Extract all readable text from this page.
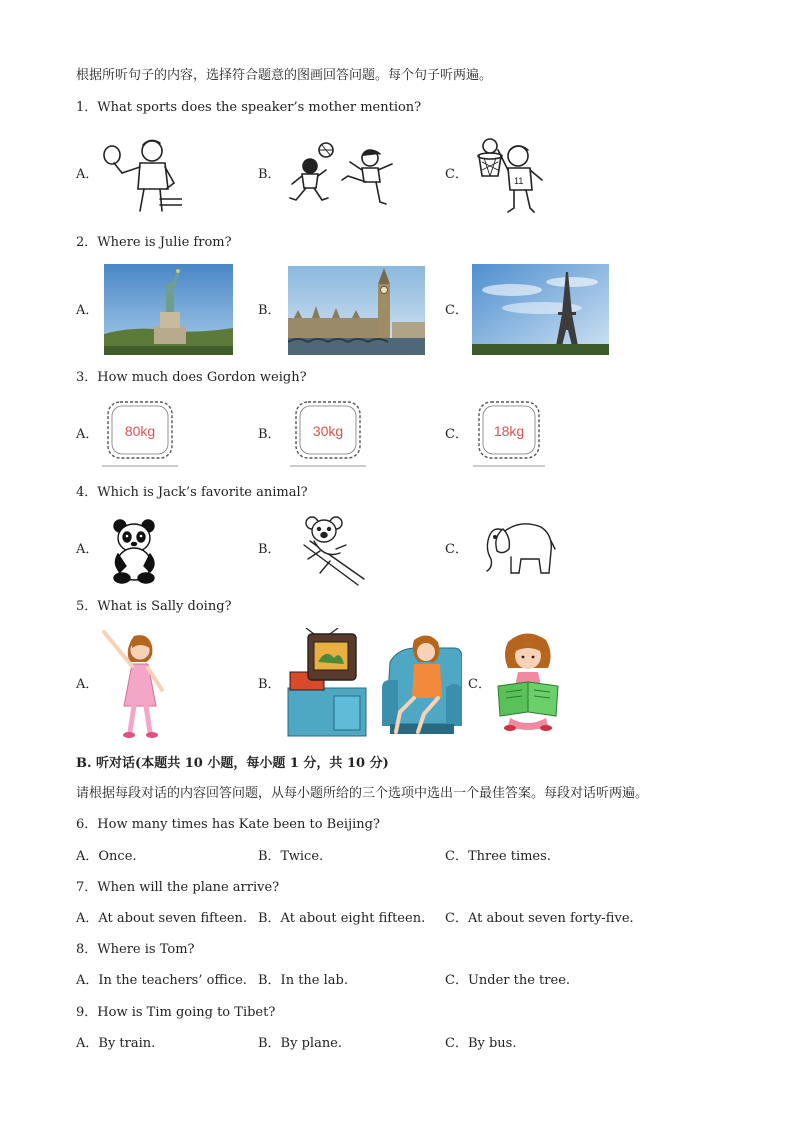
根据所听句子的内容，选择符合题意的图画回答问题。每个句子听两遍。
1．What sports does the speaker’s mother mention?
A．	B．	C．	11
2．Where is Julie from?
A．	B．	C．
3．How much does Gordon weigh?
A．	B．	C．
80kg	30kg	18kg
4．Which is Jack’s favorite animal?
A．	B．	C．
5．What is Sally doing?
A．	B．	C．
B. 听对话(本题共 10 小题，每小题 1 分，共 10 分)
请根据每段对话的内容回答问题，从每小题所给的三个选项中选出一个最佳答案。每段对话听两遍。
6．How many times has Kate been to Beijing?
A．Once.	B．Twice.	C．Three times.
7．When will the plane arrive?
A．At about seven fifteen. B．At about eight fifteen. C．At about seven forty-five.
8．Where is Tom?
A．In the teachers’ office. B．In the lab.	C．Under the tree.
9．How is Tim going to Tibet?
A．By train.	B．By plane.	C．By bus.
